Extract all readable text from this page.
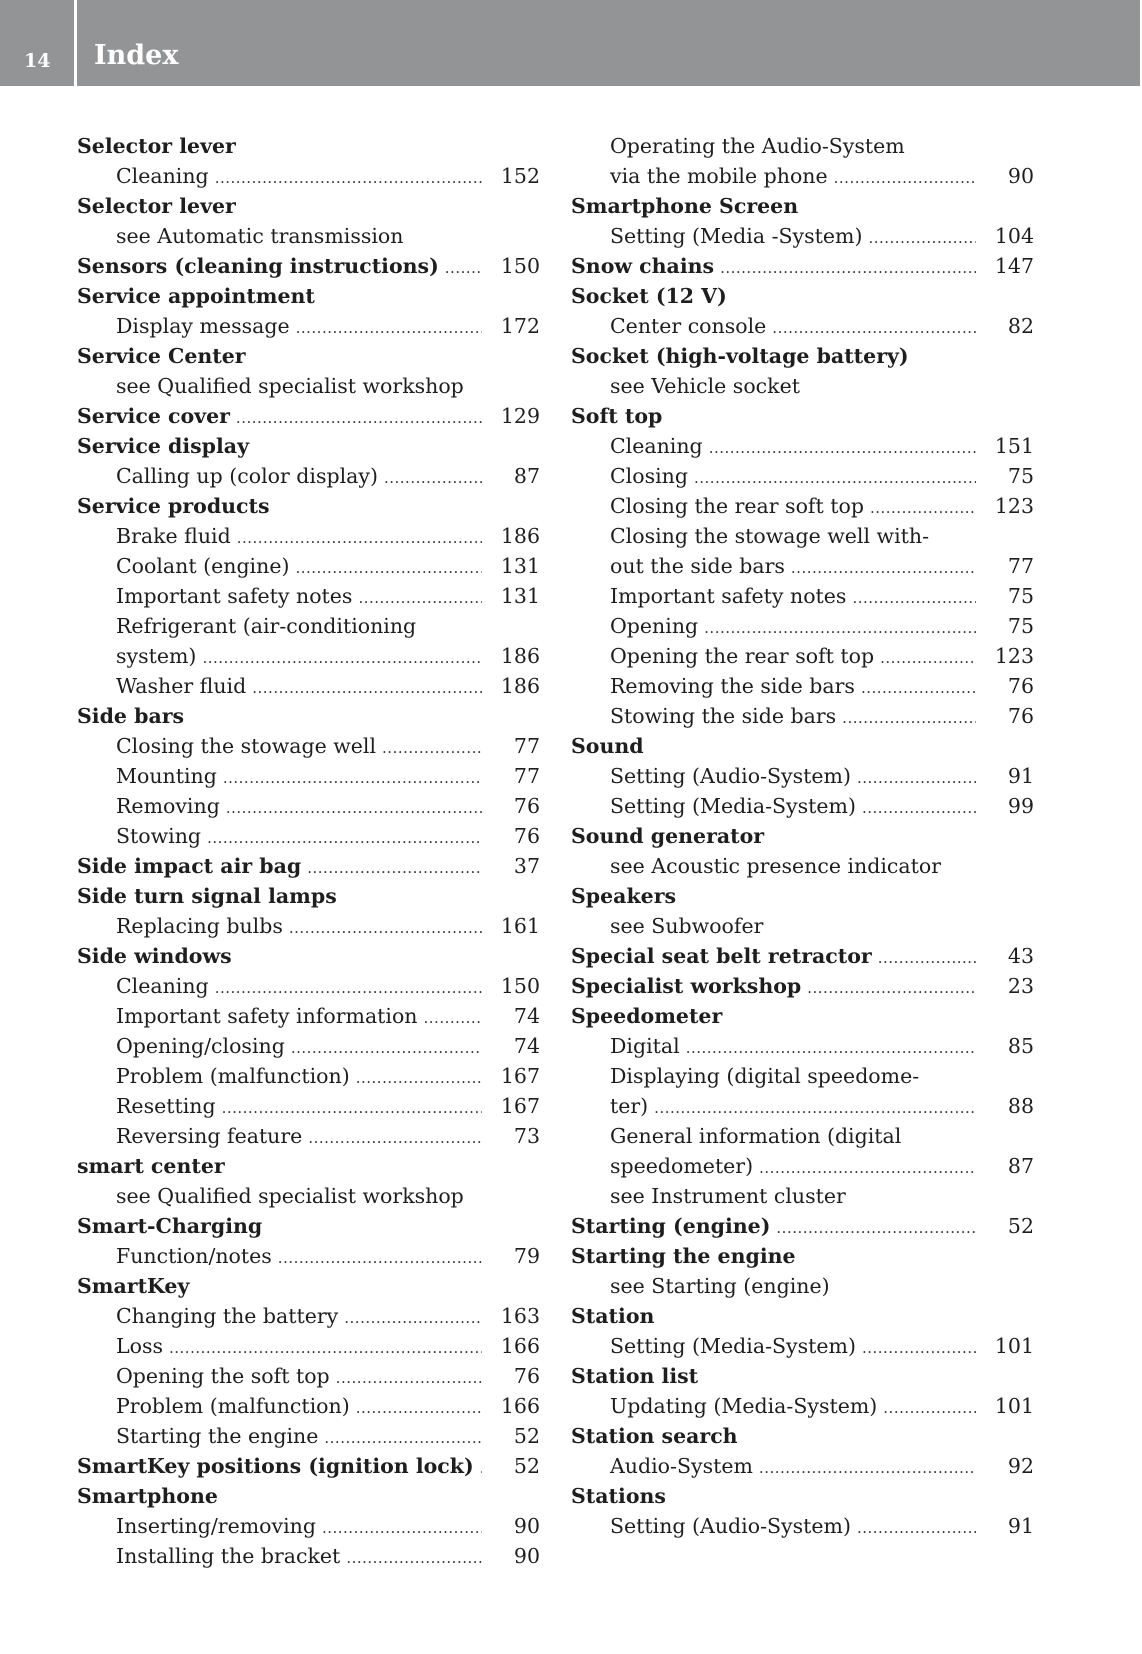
14 Index
Selector lever
Cleaning .....	152
Selector lever
see Automatic transmission
Sensors (cleaning instructions) .....	150
Service appointment
Display message .....	172
Service Center
see Qualified specialist workshop
Service cover .....	129
Service display
Calling up (color display) .....	87
Service products
Brake fluid .....	186
Coolant (engine) .....	131
Important safety notes .....	131
Refrigerant (air-conditioning
system) .....	186
Washer fluid .....	186
Side bars
Closing the stowage well .....	77
Mounting .....	77
Removing .....	76
Stowing .....	76
Side impact air bag .....	37
Side turn signal lamps
Replacing bulbs .....	161
Side windows
Cleaning .....	150
Important safety information .....	74
Opening/closing .....	74
Problem (malfunction) .....	167
Resetting .....	167
Reversing feature .....	73
smart center
see Qualified specialist workshop
Smart-Charging
Function/notes .....	79
SmartKey
Changing the battery .....	163
Loss .....	166
Opening the soft top .....	76
Problem (malfunction) .....	166
Starting the engine .....	52
SmartKey positions (ignition lock) .....	52
Smartphone
Inserting/removing .....	90
Installing the bracket .....	90
Operating the Audio-System
via the mobile phone .....	90
Smartphone Screen
Setting (Media -System) .....	104
Snow chains .....	147
Socket (12 V)
Center console .....	82
Socket (high-voltage battery)
see Vehicle socket
Soft top
Cleaning .....	151
Closing .....	75
Closing the rear soft top .....	123
Closing the stowage well with-
out the side bars .....	77
Important safety notes .....	75
Opening .....	75
Opening the rear soft top .....	123
Removing the side bars .....	76
Stowing the side bars .....	76
Sound
Setting (Audio-System) .....	91
Setting (Media-System) .....	99
Sound generator
see Acoustic presence indicator
Speakers
see Subwoofer
Special seat belt retractor .....	43
Specialist workshop .....	23
Speedometer
Digital .....	85
Displaying (digital speedome-
ter) .....	88
General information (digital
speedometer) .....	87
see Instrument cluster
Starting (engine) .....	52
Starting the engine
see Starting (engine)
Station
Setting (Media-System) .....	101
Station list
Updating (Media-System) .....	101
Station search
Audio-System .....	92
Stations
Setting (Audio-System) .....	91
